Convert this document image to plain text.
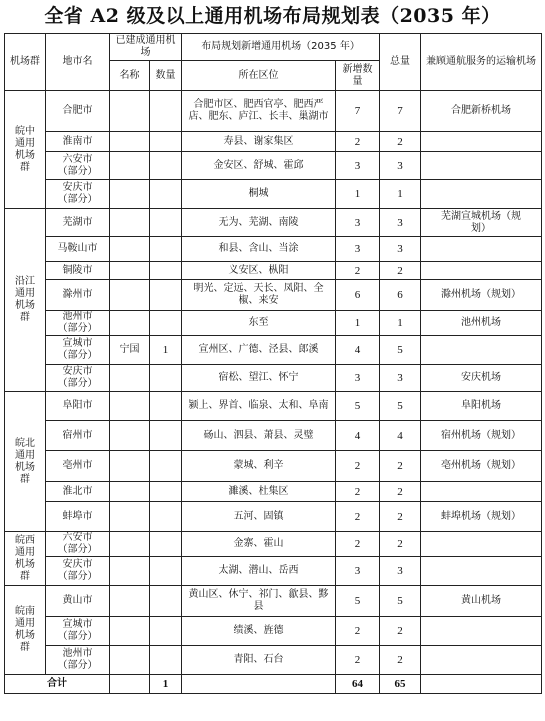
全省 A2 级及以上通用机场布局规划表（2035 年）
机场群	地市名	已建成通用机场		布局规划新增通用机场（2035 年）		总量	兼顾通航服务的运输机场
		名称	数量	所在区位	新增数量		
皖中通用机场群	合肥市			合肥市区、肥西官亭、肥西严店、肥东、庐江、长丰、巢湖市	7	7	合肥新桥机场
	淮南市			寿县、谢家集区	2	2	
	六安市（部分）			金安区、舒城、霍邱	3	3	
	安庆市（部分）			桐城	1	1	
沿江通用机场群	芜湖市			无为、芜湖、南陵	3	3	芜湖宣城机场（规划）
	马鞍山市			和县、含山、当涂	3	3	
	铜陵市			义安区、枞阳	2	2	
	滁州市			明光、定远、天长、凤阳、全椒、来安	6	6	滁州机场（规划）
	池州市（部分）			东至	1	1	池州机场
	宣城市（部分）	宁国	1	宣州区、广德、泾县、郎溪	4	5	
	安庆市（部分）			宿松、望江、怀宁	3	3	安庆机场
皖北通用机场群	阜阳市			颍上、界首、临泉、太和、阜南	5	5	阜阳机场
	宿州市			砀山、泗县、萧县、灵璧	4	4	宿州机场（规划）
	亳州市			蒙城、利辛	2	2	亳州机场（规划）
	淮北市			濉溪、杜集区	2	2	
	蚌埠市			五河、固镇	2	2	蚌埠机场（规划）
皖西通用机场群	六安市（部分）			金寨、霍山	2	2	
	安庆市（部分）			太湖、潜山、岳西	3	3	
皖南通用机场群	黄山市			黄山区、休宁、祁门、歙县、黟县	5	5	黄山机场
	宣城市（部分）			绩溪、旌德	2	2	
	池州市（部分）			青阳、石台	2	2	
合计			1		64	65	
